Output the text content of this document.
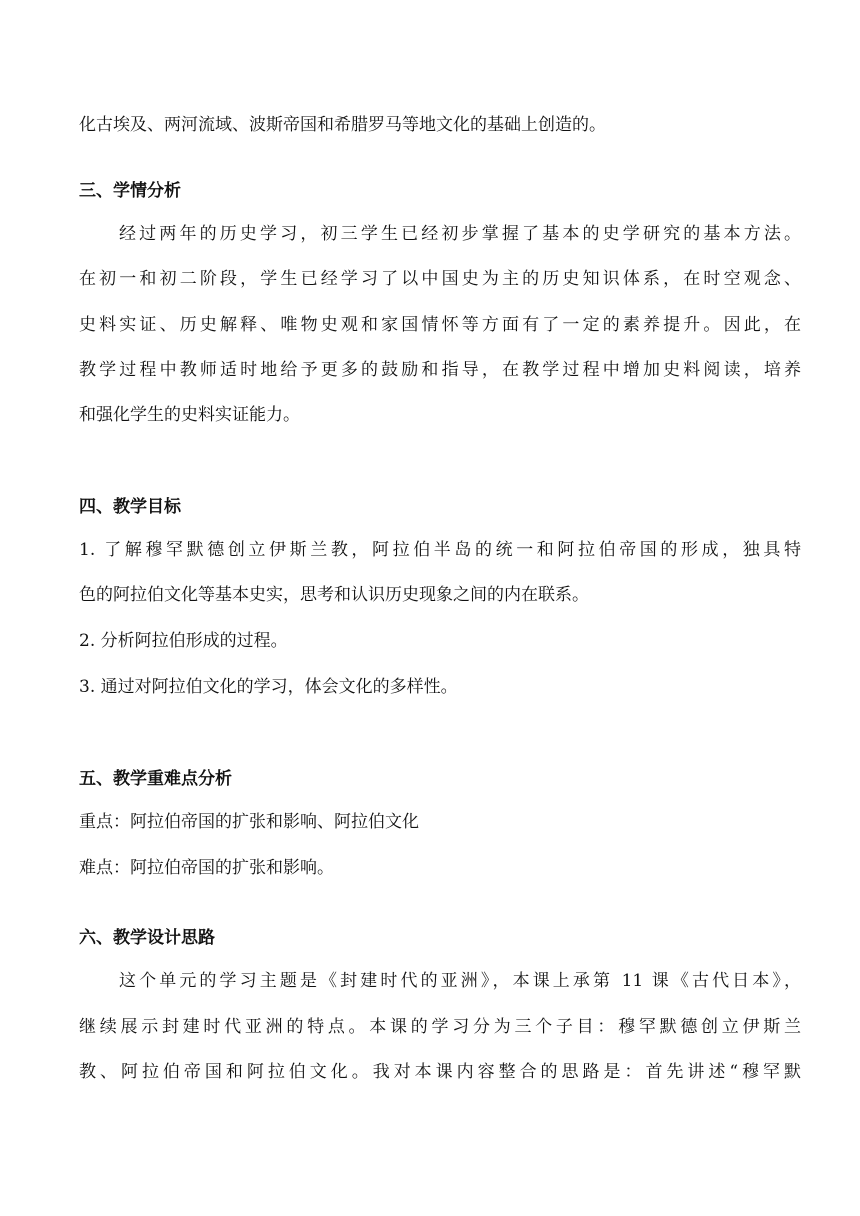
化古埃及、两河流域、波斯帝国和希腊罗马等地文化的基础上创造的。
三、学情分析
经过两年的历史学习，初三学生已经初步掌握了基本的史学研究的基本方法。
在初一和初二阶段，学生已经学习了以中国史为主的历史知识体系，在时空观念、
史料实证、历史解释、唯物史观和家国情怀等方面有了一定的素养提升。因此，在
教学过程中教师适时地给予更多的鼓励和指导，在教学过程中增加史料阅读，培养
和强化学生的史料实证能力。
四、教学目标
1. 了解穆罕默德创立伊斯兰教，阿拉伯半岛的统一和阿拉伯帝国的形成，独具特
色的阿拉伯文化等基本史实，思考和认识历史现象之间的内在联系。
2. 分析阿拉伯形成的过程。
3. 通过对阿拉伯文化的学习，体会文化的多样性。
五、教学重难点分析
重点：阿拉伯帝国的扩张和影响、阿拉伯文化
难点：阿拉伯帝国的扩张和影响。
六、教学设计思路
这个单元的学习主题是《封建时代的亚洲》，本课上承第 11 课《古代日本》，
继续展示封建时代亚洲的特点。本课的学习分为三个子目：穆罕默德创立伊斯兰
教、阿拉伯帝国和阿拉伯文化。我对本课内容整合的思路是：首先讲述“穆罕默
